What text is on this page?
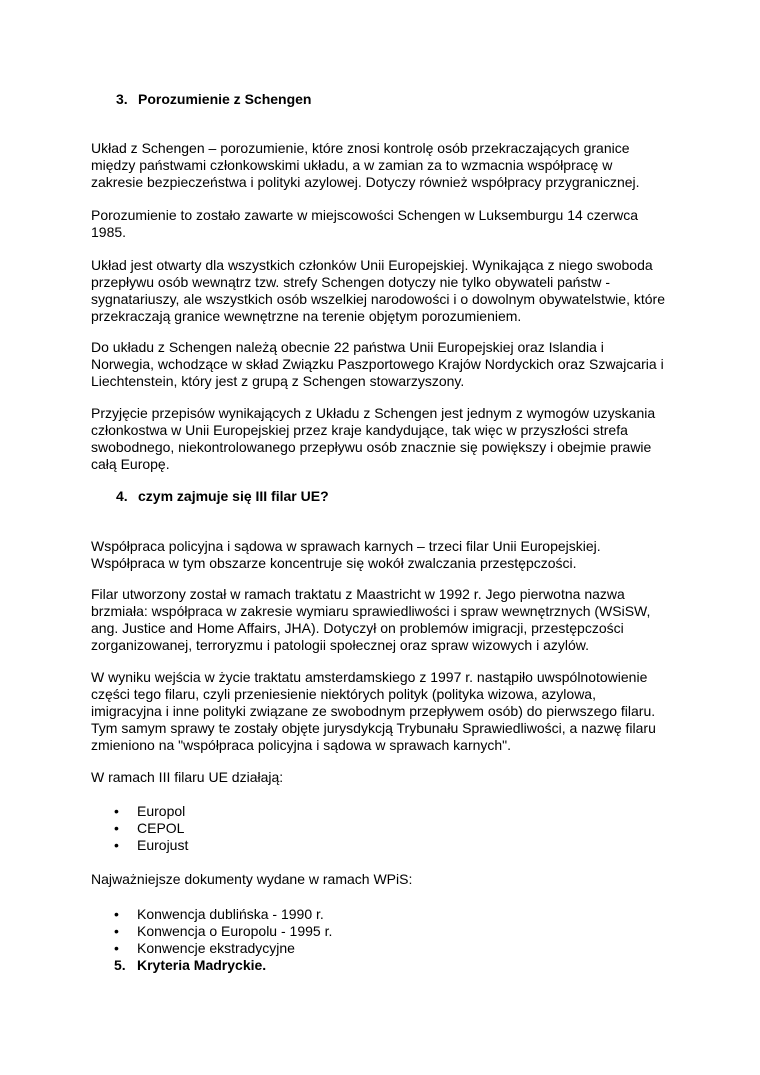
3. Porozumienie z Schengen
Układ z Schengen – porozumienie, które znosi kontrolę osób przekraczających granice
między państwami członkowskimi układu, a w zamian za to wzmacnia współpracę w
zakresie bezpieczeństwa i polityki azylowej. Dotyczy również współpracy przygranicznej.
Porozumienie to zostało zawarte w miejscowości Schengen w Luksemburgu 14 czerwca
1985.
Układ jest otwarty dla wszystkich członków Unii Europejskiej. Wynikająca z niego swoboda
przepływu osób wewnątrz tzw. strefy Schengen dotyczy nie tylko obywateli państw -
sygnatariuszy, ale wszystkich osób wszelkiej narodowości i o dowolnym obywatelstwie, które
przekraczają granice wewnętrzne na terenie objętym porozumieniem.
Do układu z Schengen należą obecnie 22 państwa Unii Europejskiej oraz Islandia i
Norwegia, wchodzące w skład Związku Paszportowego Krajów Nordyckich oraz Szwajcaria i
Liechtenstein, który jest z grupą z Schengen stowarzyszony.
Przyjęcie przepisów wynikających z Układu z Schengen jest jednym z wymogów uzyskania
członkostwa w Unii Europejskiej przez kraje kandydujące, tak więc w przyszłości strefa
swobodnego, niekontrolowanego przepływu osób znacznie się powiększy i obejmie prawie
całą Europę.
4. czym zajmuje się III filar UE?
Współpraca policyjna i sądowa w sprawach karnych – trzeci filar Unii Europejskiej.
Współpraca w tym obszarze koncentruje się wokół zwalczania przestępczości.
Filar utworzony został w ramach traktatu z Maastricht w 1992 r. Jego pierwotna nazwa
brzmiała: współpraca w zakresie wymiaru sprawiedliwości i spraw wewnętrznych (WSiSW,
ang. Justice and Home Affairs, JHA). Dotyczył on problemów imigracji, przestępczości
zorganizowanej, terroryzmu i patologii społecznej oraz spraw wizowych i azylów.
W wyniku wejścia w życie traktatu amsterdamskiego z 1997 r. nastąpiło uwspólnotowienie
części tego filaru, czyli przeniesienie niektórych polityk (polityka wizowa, azylowa,
imigracyjna i inne polityki związane ze swobodnym przepływem osób) do pierwszego filaru.
Tym samym sprawy te zostały objęte jurysdykcją Trybunału Sprawiedliwości, a nazwę filaru
zmieniono na "współpraca policyjna i sądowa w sprawach karnych".
W ramach III filaru UE działają:
• Europol
• CEPOL
• Eurojust
Najważniejsze dokumenty wydane w ramach WPiS:
• Konwencja dublińska - 1990 r.
• Konwencja o Europolu - 1995 r.
• Konwencje ekstradycyjne
5. Kryteria Madryckie.
